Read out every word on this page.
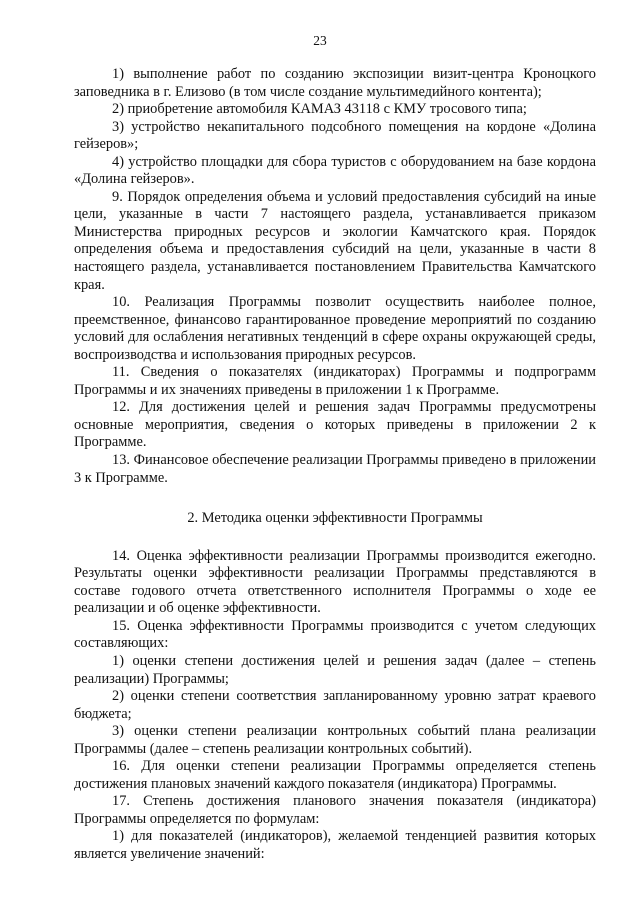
23

1) выполнение работ по созданию экспозиции визит-центра Кроноцкого заповедника в г. Елизово (в том числе создание мультимедийного контента);

2) приобретение автомобиля КАМАЗ 43118 с КМУ тросового типа;

3) устройство некапитального подсобного помещения на кордоне «Долина гейзеров»;

4) устройство площадки для сбора туристов с оборудованием на базе кордона «Долина гейзеров».

9. Порядок определения объема и условий предоставления субсидий на иные цели, указанные в части 7 настоящего раздела, устанавливается приказом Министерства природных ресурсов и экологии Камчатского края. Порядок определения объема и предоставления субсидий на цели, указанные в части 8 настоящего раздела, устанавливается постановлением Правительства Камчатского края.

10. Реализация Программы позволит осуществить наиболее полное, преемственное, финансово гарантированное проведение мероприятий по созданию условий для ослабления негативных тенденций в сфере охраны окружающей среды, воспроизводства и использования природных ресурсов.

11. Сведения о показателях (индикаторах) Программы и подпрограмм Программы и их значениях приведены в приложении 1 к Программе.

12. Для достижения целей и решения задач Программы предусмотрены основные мероприятия, сведения о которых приведены в приложении 2 к Программе.

13. Финансовое обеспечение реализации Программы приведено в приложении 3 к Программе.

2. Методика оценки эффективности Программы

14. Оценка эффективности реализации Программы производится ежегодно. Результаты оценки эффективности реализации Программы представляются в составе годового отчета ответственного исполнителя Программы о ходе ее реализации и об оценке эффективности.

15. Оценка эффективности Программы производится с учетом следующих составляющих:

1) оценки степени достижения целей и решения задач (далее – степень реализации) Программы;

2) оценки степени соответствия запланированному уровню затрат краевого бюджета;

3) оценки степени реализации контрольных событий плана реализации Программы (далее – степень реализации контрольных событий).

16. Для оценки степени реализации Программы определяется степень достижения плановых значений каждого показателя (индикатора) Программы.

17. Степень достижения планового значения показателя (индикатора) Программы определяется по формулам:

1) для показателей (индикаторов), желаемой тенденцией развития которых является увеличение значений:
